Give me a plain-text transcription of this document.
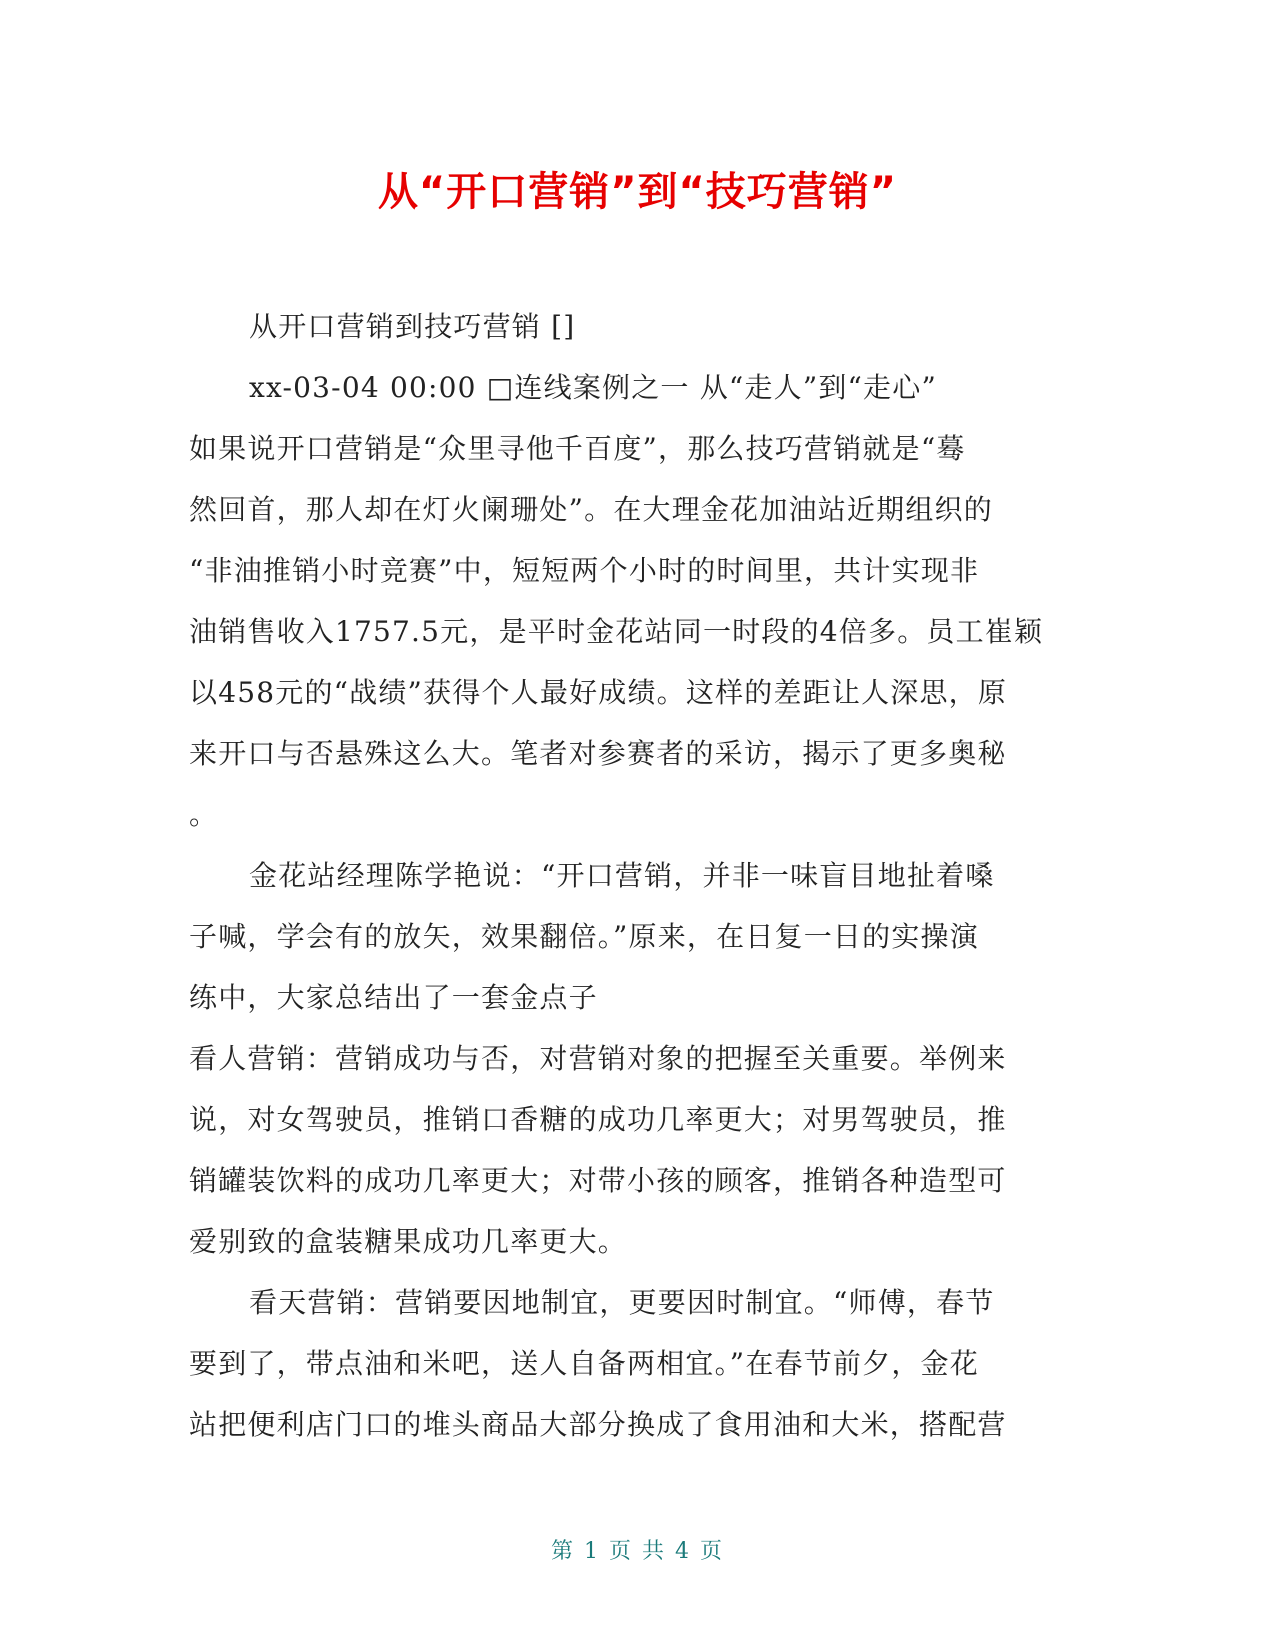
从“开口营销”到“技巧营销”
从开口营销到技巧营销 []
xx-03-04 00:00 □连线案例之一 从“走人”到“走心”
如果说开口营销是“众里寻他千百度”，那么技巧营销就是“蓦
然回首，那人却在灯火阑珊处”。在大理金花加油站近期组织的
“非油推销小时竞赛”中，短短两个小时的时间里，共计实现非
油销售收入1757.5元，是平时金花站同一时段的4倍多。员工崔颖
以458元的“战绩”获得个人最好成绩。这样的差距让人深思，原
来开口与否悬殊这么大。笔者对参赛者的采访，揭示了更多奥秘
。
金花站经理陈学艳说：“开口营销，并非一味盲目地扯着嗓
子喊，学会有的放矢，效果翻倍。”原来，在日复一日的实操演
练中，大家总结出了一套金点子
看人营销：营销成功与否，对营销对象的把握至关重要。举例来
说，对女驾驶员，推销口香糖的成功几率更大；对男驾驶员，推
销罐装饮料的成功几率更大；对带小孩的顾客，推销各种造型可
爱别致的盒装糖果成功几率更大。
看天营销：营销要因地制宜，更要因时制宜。“师傅，春节
要到了，带点油和米吧，送人自备两相宜。”在春节前夕，金花
站把便利店门口的堆头商品大部分换成了食用油和大米，搭配营
第 1 页 共 4 页
